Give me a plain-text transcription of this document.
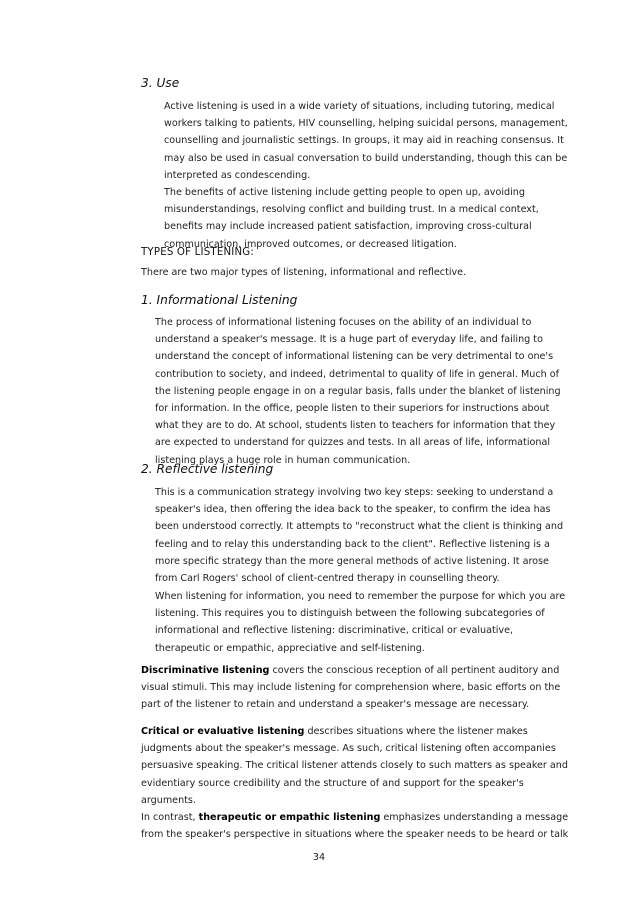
3. Use

Active listening is used in a wide variety of situations, including tutoring, medical workers talking to patients, HIV counselling, helping suicidal persons, management, counselling and journalistic settings. In groups, it may aid in reaching consensus. It may also be used in casual conversation to build understanding, though this can be interpreted as condescending.

The benefits of active listening include getting people to open up, avoiding misunderstandings, resolving conflict and building trust. In a medical context, benefits may include increased patient satisfaction, improving cross-cultural communication, improved outcomes, or decreased litigation.

TYPES OF LISTENING:

There are two major types of listening, informational and reflective.

1. Informational Listening

The process of informational listening focuses on the ability of an individual to understand a speaker's message. It is a huge part of everyday life, and failing to understand the concept of informational listening can be very detrimental to one's contribution to society, and indeed, detrimental to quality of life in general. Much of the listening people engage in on a regular basis, falls under the blanket of listening for information. In the office, people listen to their superiors for instructions about what they are to do. At school, students listen to teachers for information that they are expected to understand for quizzes and tests. In all areas of life, informational listening plays a huge role in human communication.

2. Reflective listening

This is a communication strategy involving two key steps: seeking to understand a speaker's idea, then offering the idea back to the speaker, to confirm the idea has been understood correctly. It attempts to "reconstruct what the client is thinking and feeling and to relay this understanding back to the client". Reflective listening is a more specific strategy than the more general methods of active listening. It arose from Carl Rogers' school of client-centred therapy in counselling theory.

When listening for information, you need to remember the purpose for which you are listening. This requires you to distinguish between the following subcategories of informational and reflective listening: discriminative, critical or evaluative, therapeutic or empathic, appreciative and self-listening.

Discriminative listening covers the conscious reception of all pertinent auditory and visual stimuli. This may include listening for comprehension where, basic efforts on the part of the listener to retain and understand a speaker's message are necessary.

Critical or evaluative listening describes situations where the listener makes judgments about the speaker's message. As such, critical listening often accompanies persuasive speaking. The critical listener attends closely to such matters as speaker and evidentiary source credibility and the structure of and support for the speaker's arguments.

In contrast, therapeutic or empathic listening emphasizes understanding a message from the speaker's perspective in situations where the speaker needs to be heard or talk

34
